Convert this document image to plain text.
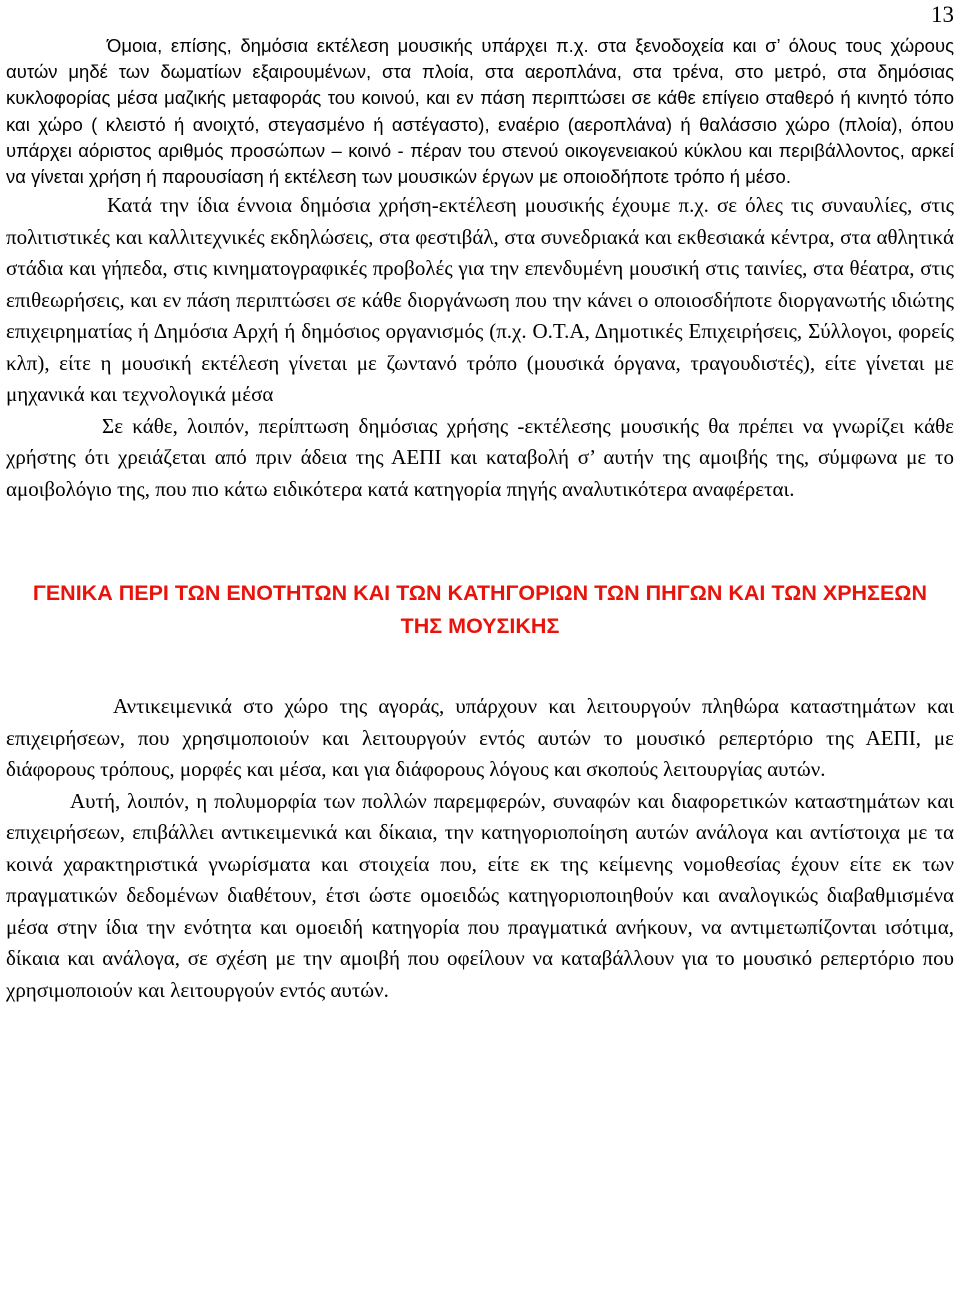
13

Όμοια, επίσης, δημόσια εκτέλεση μουσικής υπάρχει π.χ. στα ξενοδοχεία και σ’ όλους τους χώρους αυτών μηδέ των δωματίων εξαιρουμένων, στα πλοία, στα αεροπλάνα, στα τρένα, στο μετρό, στα δημόσιας κυκλοφορίας μέσα μαζικής μεταφοράς του κοινού, και εν πάση περιπτώσει σε κάθε επίγειο σταθερό ή κινητό τόπο και χώρο ( κλειστό ή ανοιχτό, στεγασμένο ή αστέγαστο), εναέριο (αεροπλάνα) ή θαλάσσιο χώρο (πλοία), όπου υπάρχει αόριστος αριθμός προσώπων – κοινό - πέραν του στενού οικογενειακού κύκλου και περιβάλλοντος, αρκεί να γίνεται χρήση ή παρουσίαση ή εκτέλεση των μουσικών έργων με οποιοδήποτε τρόπο ή μέσο.

Κατά την ίδια έννοια δημόσια χρήση-εκτέλεση μουσικής έχουμε π.χ. σε όλες τις συναυλίες, στις πολιτιστικές και καλλιτεχνικές εκδηλώσεις, στα φεστιβάλ, στα συνεδριακά και εκθεσιακά κέντρα, στα αθλητικά στάδια και γήπεδα, στις κινηματογραφικές προβολές για την επενδυμένη μουσική στις ταινίες, στα θέατρα, στις επιθεωρήσεις, και εν πάση περιπτώσει σε κάθε διοργάνωση που την κάνει ο οποιοσδήποτε διοργανωτής ιδιώτης επιχειρηματίας ή Δημόσια Αρχή ή δημόσιος οργανισμός (π.χ. Ο.Τ.Α, Δημοτικές Επιχειρήσεις, Σύλλογοι, φορείς κλπ), είτε η μουσική εκτέλεση γίνεται με ζωντανό τρόπο (μουσικά όργανα, τραγουδιστές), είτε γίνεται με μηχανικά και τεχνολογικά μέσα

Σε κάθε, λοιπόν, περίπτωση δημόσιας χρήσης -εκτέλεσης μουσικής θα πρέπει να γνωρίζει κάθε χρήστης ότι χρειάζεται από πριν άδεια της ΑΕΠΙ και καταβολή σ’ αυτήν της αμοιβής της, σύμφωνα με το αμοιβολόγιο της, που πιο κάτω ειδικότερα κατά κατηγορία πηγής αναλυτικότερα αναφέρεται.

ΓΕΝΙΚΑ ΠΕΡΙ ΤΩΝ ΕΝΟΤΗΤΩΝ ΚΑΙ ΤΩΝ ΚΑΤΗΓΟΡΙΩΝ ΤΩΝ ΠΗΓΩΝ ΚΑΙ ΤΩΝ ΧΡΗΣΕΩΝ ΤΗΣ ΜΟΥΣΙΚΗΣ

Αντικειμενικά στο χώρο της αγοράς, υπάρχουν και λειτουργούν πληθώρα καταστημάτων και επιχειρήσεων, που χρησιμοποιούν και λειτουργούν εντός αυτών το μουσικό ρεπερτόριο της ΑΕΠΙ, με διάφορους τρόπους, μορφές και μέσα, και για διάφορους λόγους και σκοπούς λειτουργίας αυτών.

Αυτή, λοιπόν, η πολυμορφία των πολλών παρεμφερών, συναφών και διαφορετικών καταστημάτων και επιχειρήσεων, επιβάλλει αντικειμενικά και δίκαια, την κατηγοριοποίηση αυτών ανάλογα και αντίστοιχα με τα κοινά χαρακτηριστικά γνωρίσματα και στοιχεία που, είτε εκ της κείμενης νομοθεσίας έχουν είτε εκ των πραγματικών δεδομένων διαθέτουν, έτσι ώστε ομοειδώς κατηγοριοποιηθούν και αναλογικώς διαβαθμισμένα μέσα στην ίδια την ενότητα και ομοειδή κατηγορία που πραγματικά ανήκουν, να αντιμετωπίζονται ισότιμα, δίκαια και ανάλογα, σε σχέση με την αμοιβή που οφείλουν να καταβάλλουν για το μουσικό ρεπερτόριο που χρησιμοποιούν και λειτουργούν εντός αυτών.
